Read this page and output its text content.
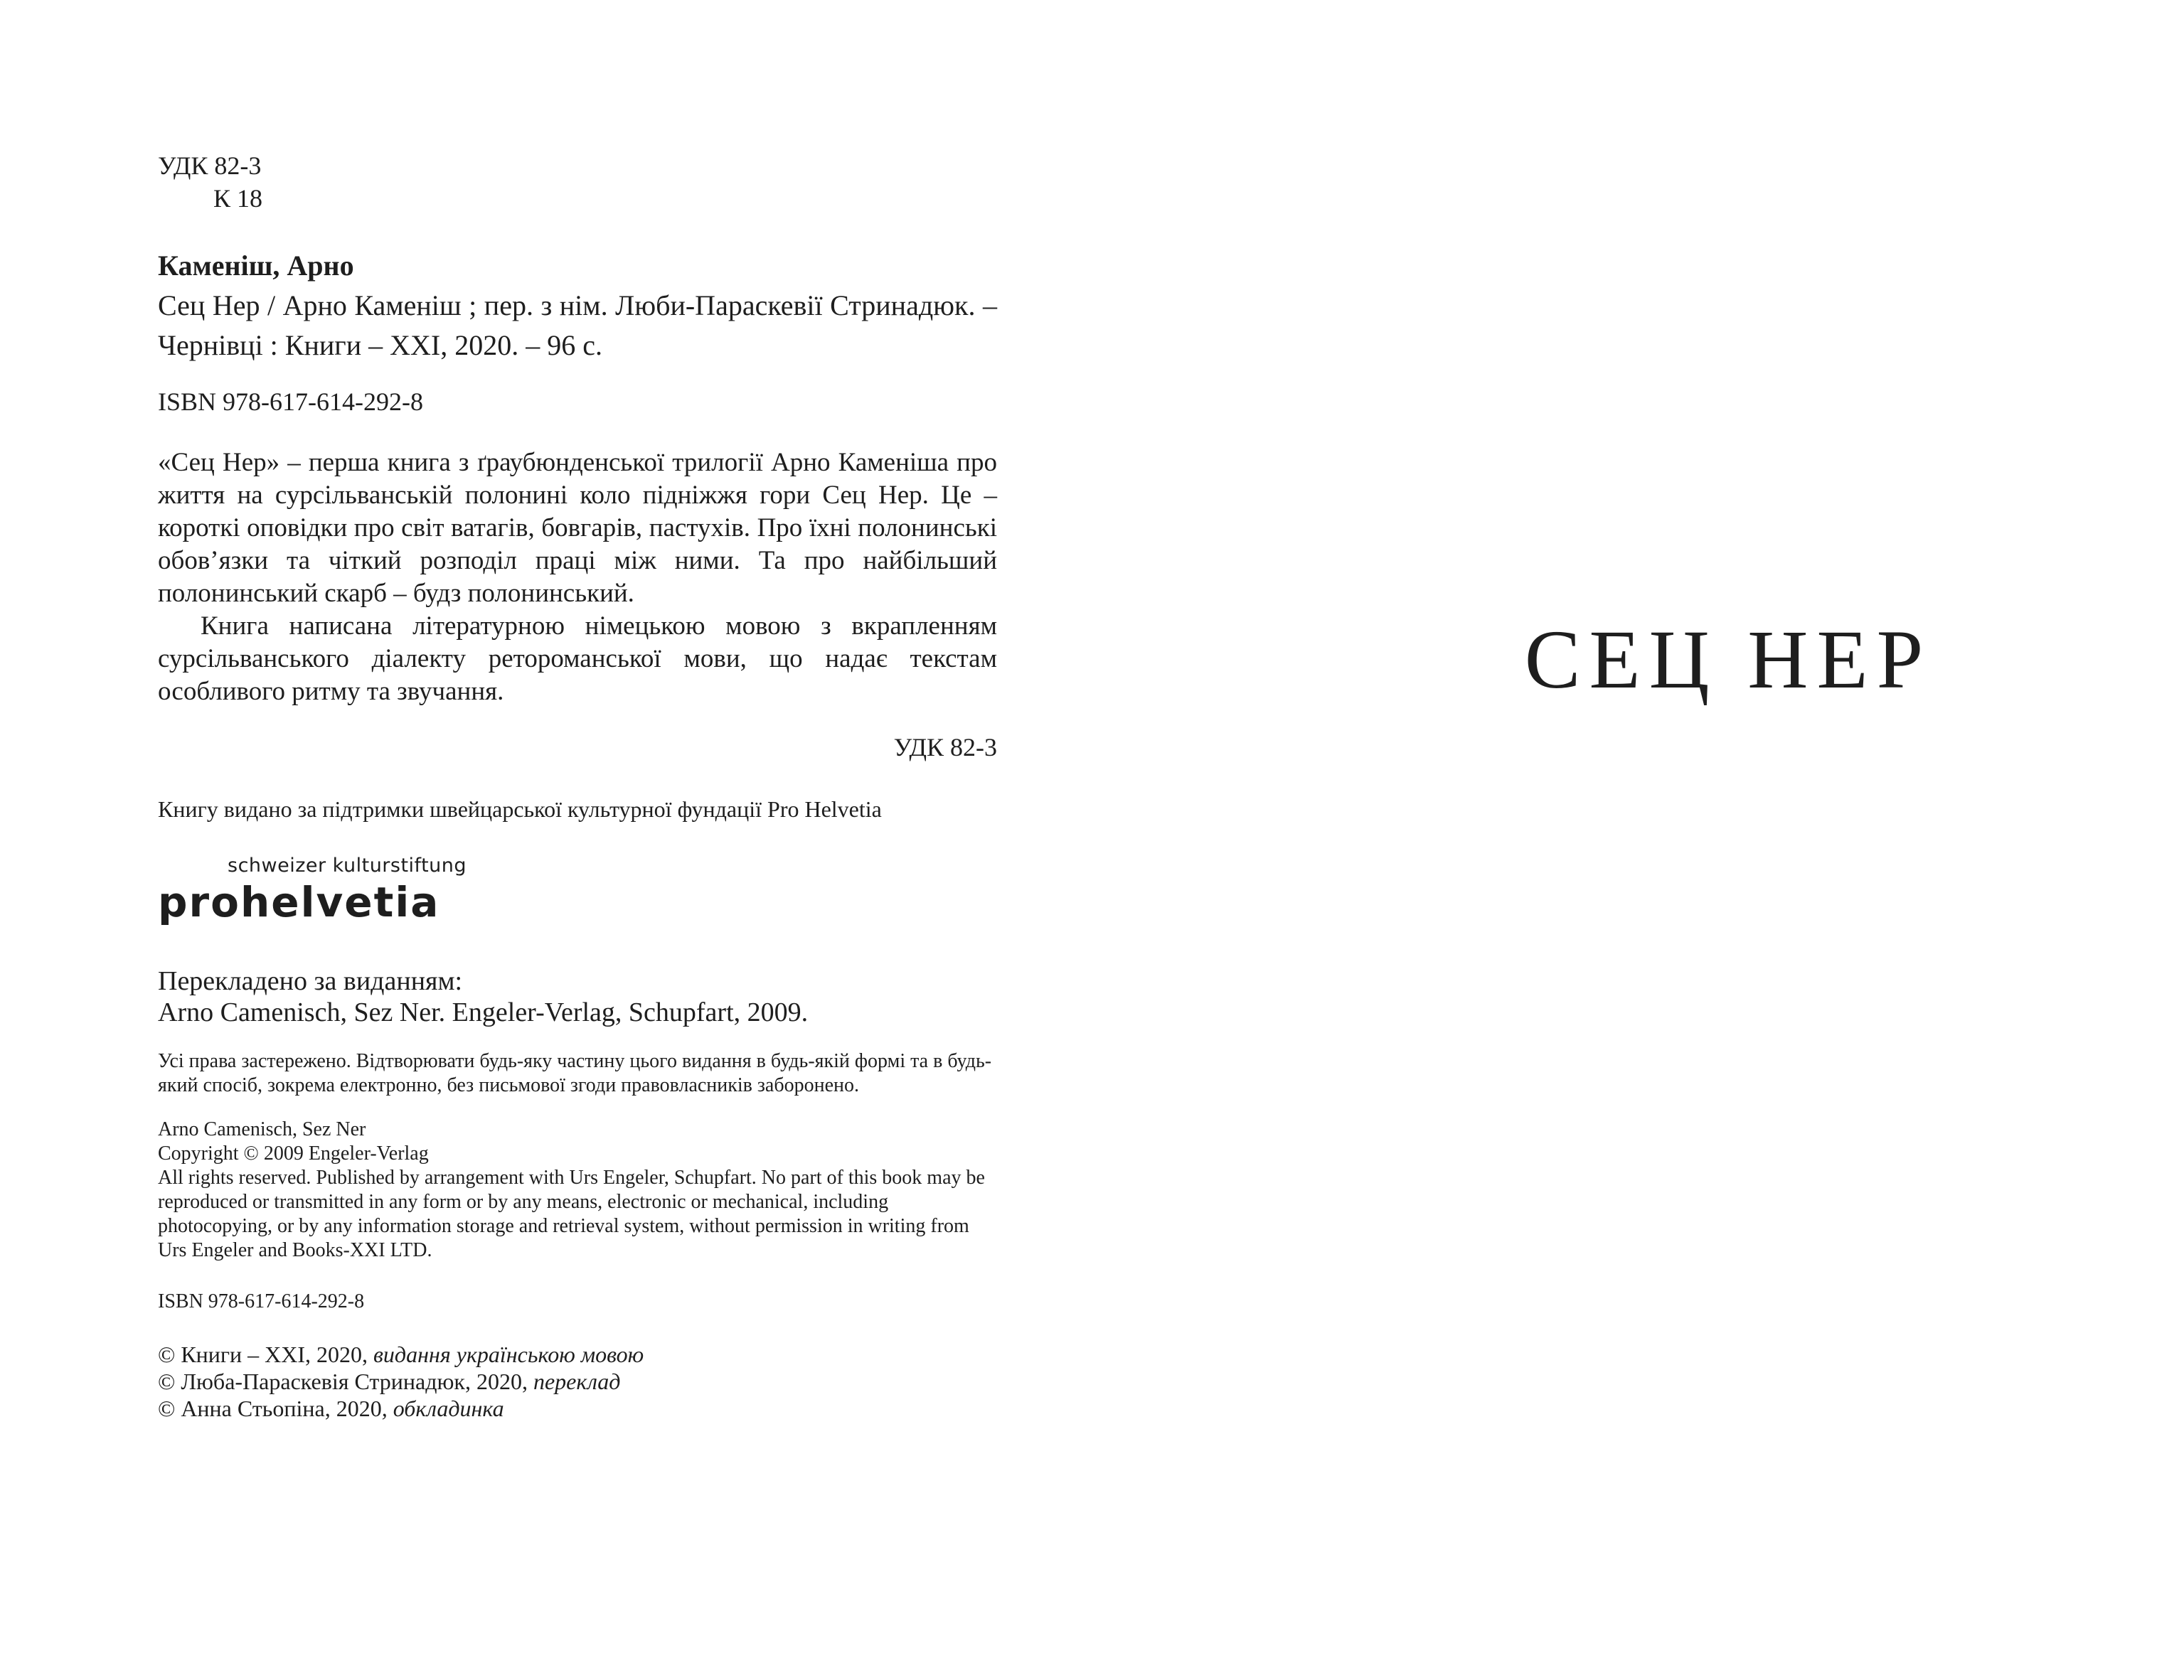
УДК 82-3
К 18
Каменіш, Арно
Сец Нер / Арно Каменіш ; пер. з нім. Люби-Параскевії Стринадюк. – Чернівці : Книги – XXI, 2020. – 96 с.
ISBN 978-617-614-292-8

«Сец Нер» – перша книга з ґраубюнденської трилогії Арно Каменіша про життя на сурсільванській полонині коло підніжжя гори Сец Нер. Це – короткі оповідки про світ ватагів, бовгарів, пастухів. Про їхні полонинські обов’язки та чіткий розподіл праці між ними. Та про найбільший полонинський скарб – будз полонинський.

Книга написана літературною німецькою мовою з вкрапленням сурсільванського діалекту ретороманської мови, що надає текстам особливого ритму та звучання.

УДК 82-3
Книгу видано за підтримки швейцарської культурної фундації Pro Helvetia
schweizer kulturstiftung
prohelvetia
Перекладено за виданням:
Arno Camenisch, Sez Ner. Engeler-Verlag, Schupfart, 2009.
Усі права застережено. Відтворювати будь-яку частину цього видання в будь-якій формі та в будь-який спосіб, зокрема електронно, без письмової згоди правовласників заборонено.
Arno Camenisch, Sez Ner
Copyright © 2009 Engeler-Verlag
All rights reserved. Published by arrangement with Urs Engeler, Schupfart. No part of this book may be reproduced or transmitted in any form or by any means, electronic or mechanical, including photocopying, or by any information storage and retrieval system, without permission in writing from Urs Engeler and Books-XXI LTD.
ISBN 978-617-614-292-8
© Книги – XXI, 2020, видання українською мовою
© Люба-Параскевія Стринадюк, 2020, переклад
© Анна Стьопіна, 2020, обкладинка
СЕЦ НЕР
